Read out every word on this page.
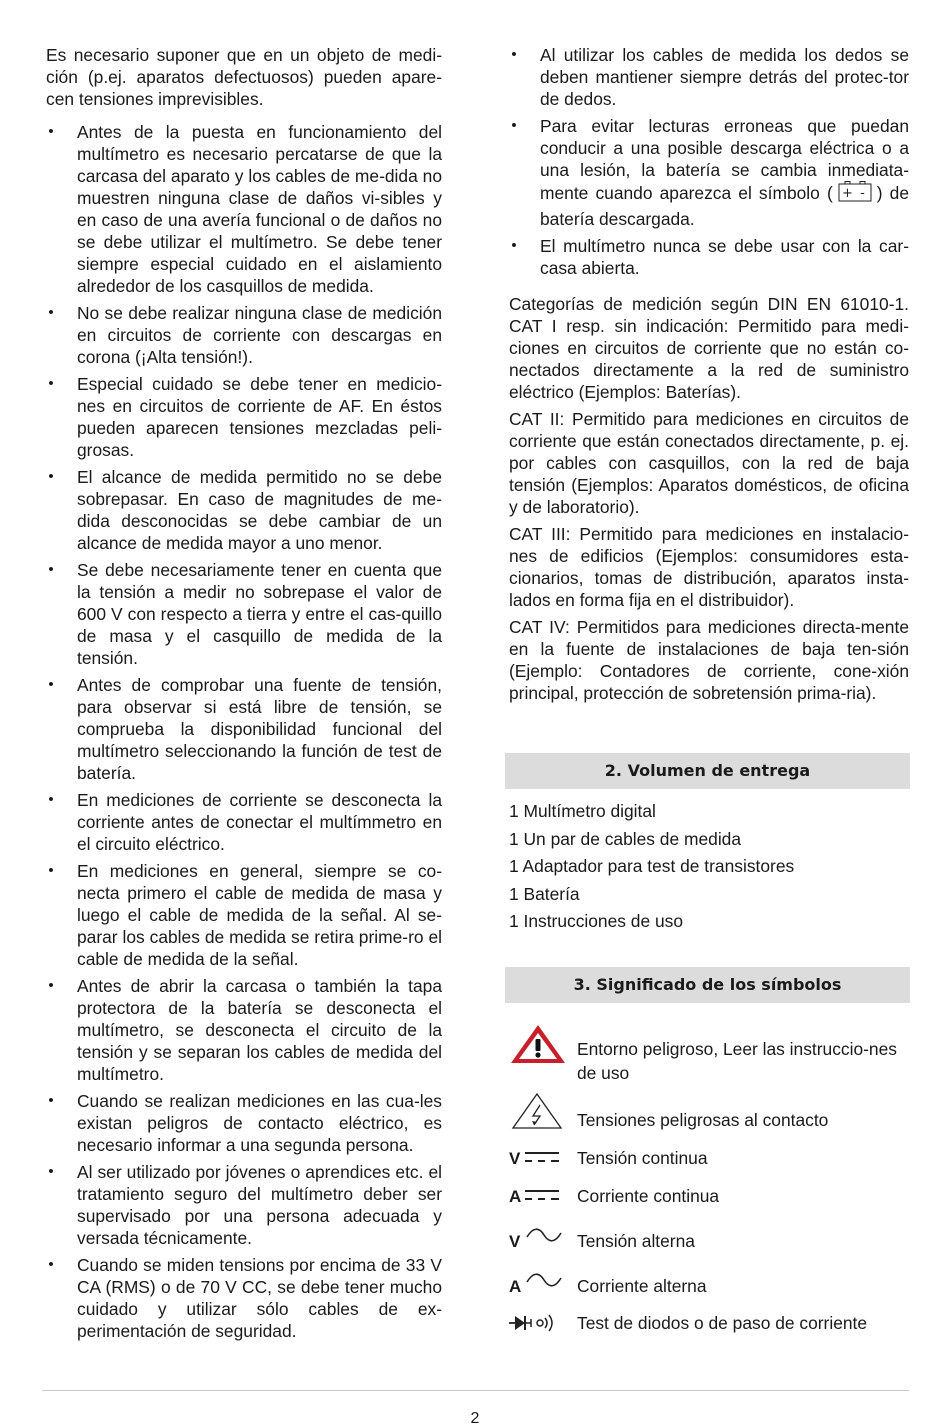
Es necesario suponer que en un objeto de medi-ción (p.ej. aparatos defectuosos) pueden apare-cen tensiones imprevisibles.

• Antes de la puesta en funcionamiento del multímetro es necesario percatarse de que la carcasa del aparato y los cables de me-dida no muestren ninguna clase de daños vi-sibles y en caso de una avería funcional o de daños no se debe utilizar el multímetro. Se debe tener siempre especial cuidado en el aislamiento alrededor de los casquillos de medida.
• No se debe realizar ninguna clase de medición en circuitos de corriente con descargas en corona (¡Alta tensión!).
• Especial cuidado se debe tener en medicio-nes en circuitos de corriente de AF. En éstos pueden aparecen tensiones mezcladas peli-grosas.
• El alcance de medida permitido no se debe sobrepasar. En caso de magnitudes de me-dida desconocidas se debe cambiar de un alcance de medida mayor a uno menor.
• Se debe necesariamente tener en cuenta que la tensión a medir no sobrepase el valor de 600 V con respecto a tierra y entre el cas-quillo de masa y el casquillo de medida de la tensión.
• Antes de comprobar una fuente de tensión, para observar si está libre de tensión, se comprueba la disponibilidad funcional del multímetro seleccionando la función de test de batería.
• En mediciones de corriente se desconecta la corriente antes de conectar el multímmetro en el circuito eléctrico.
• En mediciones en general, siempre se co-necta primero el cable de medida de masa y luego el cable de medida de la señal. Al se-parar los cables de medida se retira prime-ro el cable de medida de la señal.
• Antes de abrir la carcasa o también la tapa protectora de la batería se desconecta el multímetro, se desconecta el circuito de la tensión y se separan los cables de medida del multímetro.
• Cuando se realizan mediciones en las cua-les existan peligros de contacto eléctrico, es necesario informar a una segunda persona.
• Al ser utilizado por jóvenes o aprendices etc. el tratamiento seguro del multímetro deber ser supervisado por una persona adecuada y versada técnicamente.
• Cuando se miden tensions por encima de 33 V CA (RMS) o de 70 V CC, se debe tener mucho cuidado y utilizar sólo cables de ex-perimentación de seguridad.
• Al utilizar los cables de medida los dedos se deben mantiener siempre detrás del protec-tor de dedos.
• Para evitar lecturas erroneas que puedan conducir a una posible descarga eléctrica o a una lesión, la batería se cambia inmediata-mente cuando aparezca el símbolo ( + - ) de batería descargada.
• El multímetro nunca se debe usar con la car-casa abierta.

Categorías de medición según DIN EN 61010-1. CAT I resp. sin indicación: Permitido para medi-ciones en circuitos de corriente que no están co-nectados directamente a la red de suministro eléctrico (Ejemplos: Baterías).

CAT II: Permitido para mediciones en circuitos de corriente que están conectados directamente, p. ej. por cables con casquillos, con la red de baja tensión (Ejemplos: Aparatos domésticos, de oficina y de laboratorio).

CAT III: Permitido para mediciones en instalacio-nes de edificios (Ejemplos: consumidores esta-cionarios, tomas de distribución, aparatos insta-lados en forma fija en el distribuidor).

CAT IV: Permitidos para mediciones directa-mente en la fuente de instalaciones de baja ten-sión (Ejemplo: Contadores de corriente, cone-xión principal, protección de sobretensión prima-ria).

2. Volumen de entrega
1 Multímetro digital
1 Un par de cables de medida
1 Adaptador para test de transistores
1 Batería
1 Instrucciones de uso
3. Significado de los símbolos
Entorno peligroso, Leer las instruccio-nes de uso
Tensiones peligrosas al contacto
V	Tensión continua
A	Corriente continua
V	Tensión alterna
A	Corriente alterna
Test de diodos o de paso de corriente
2
